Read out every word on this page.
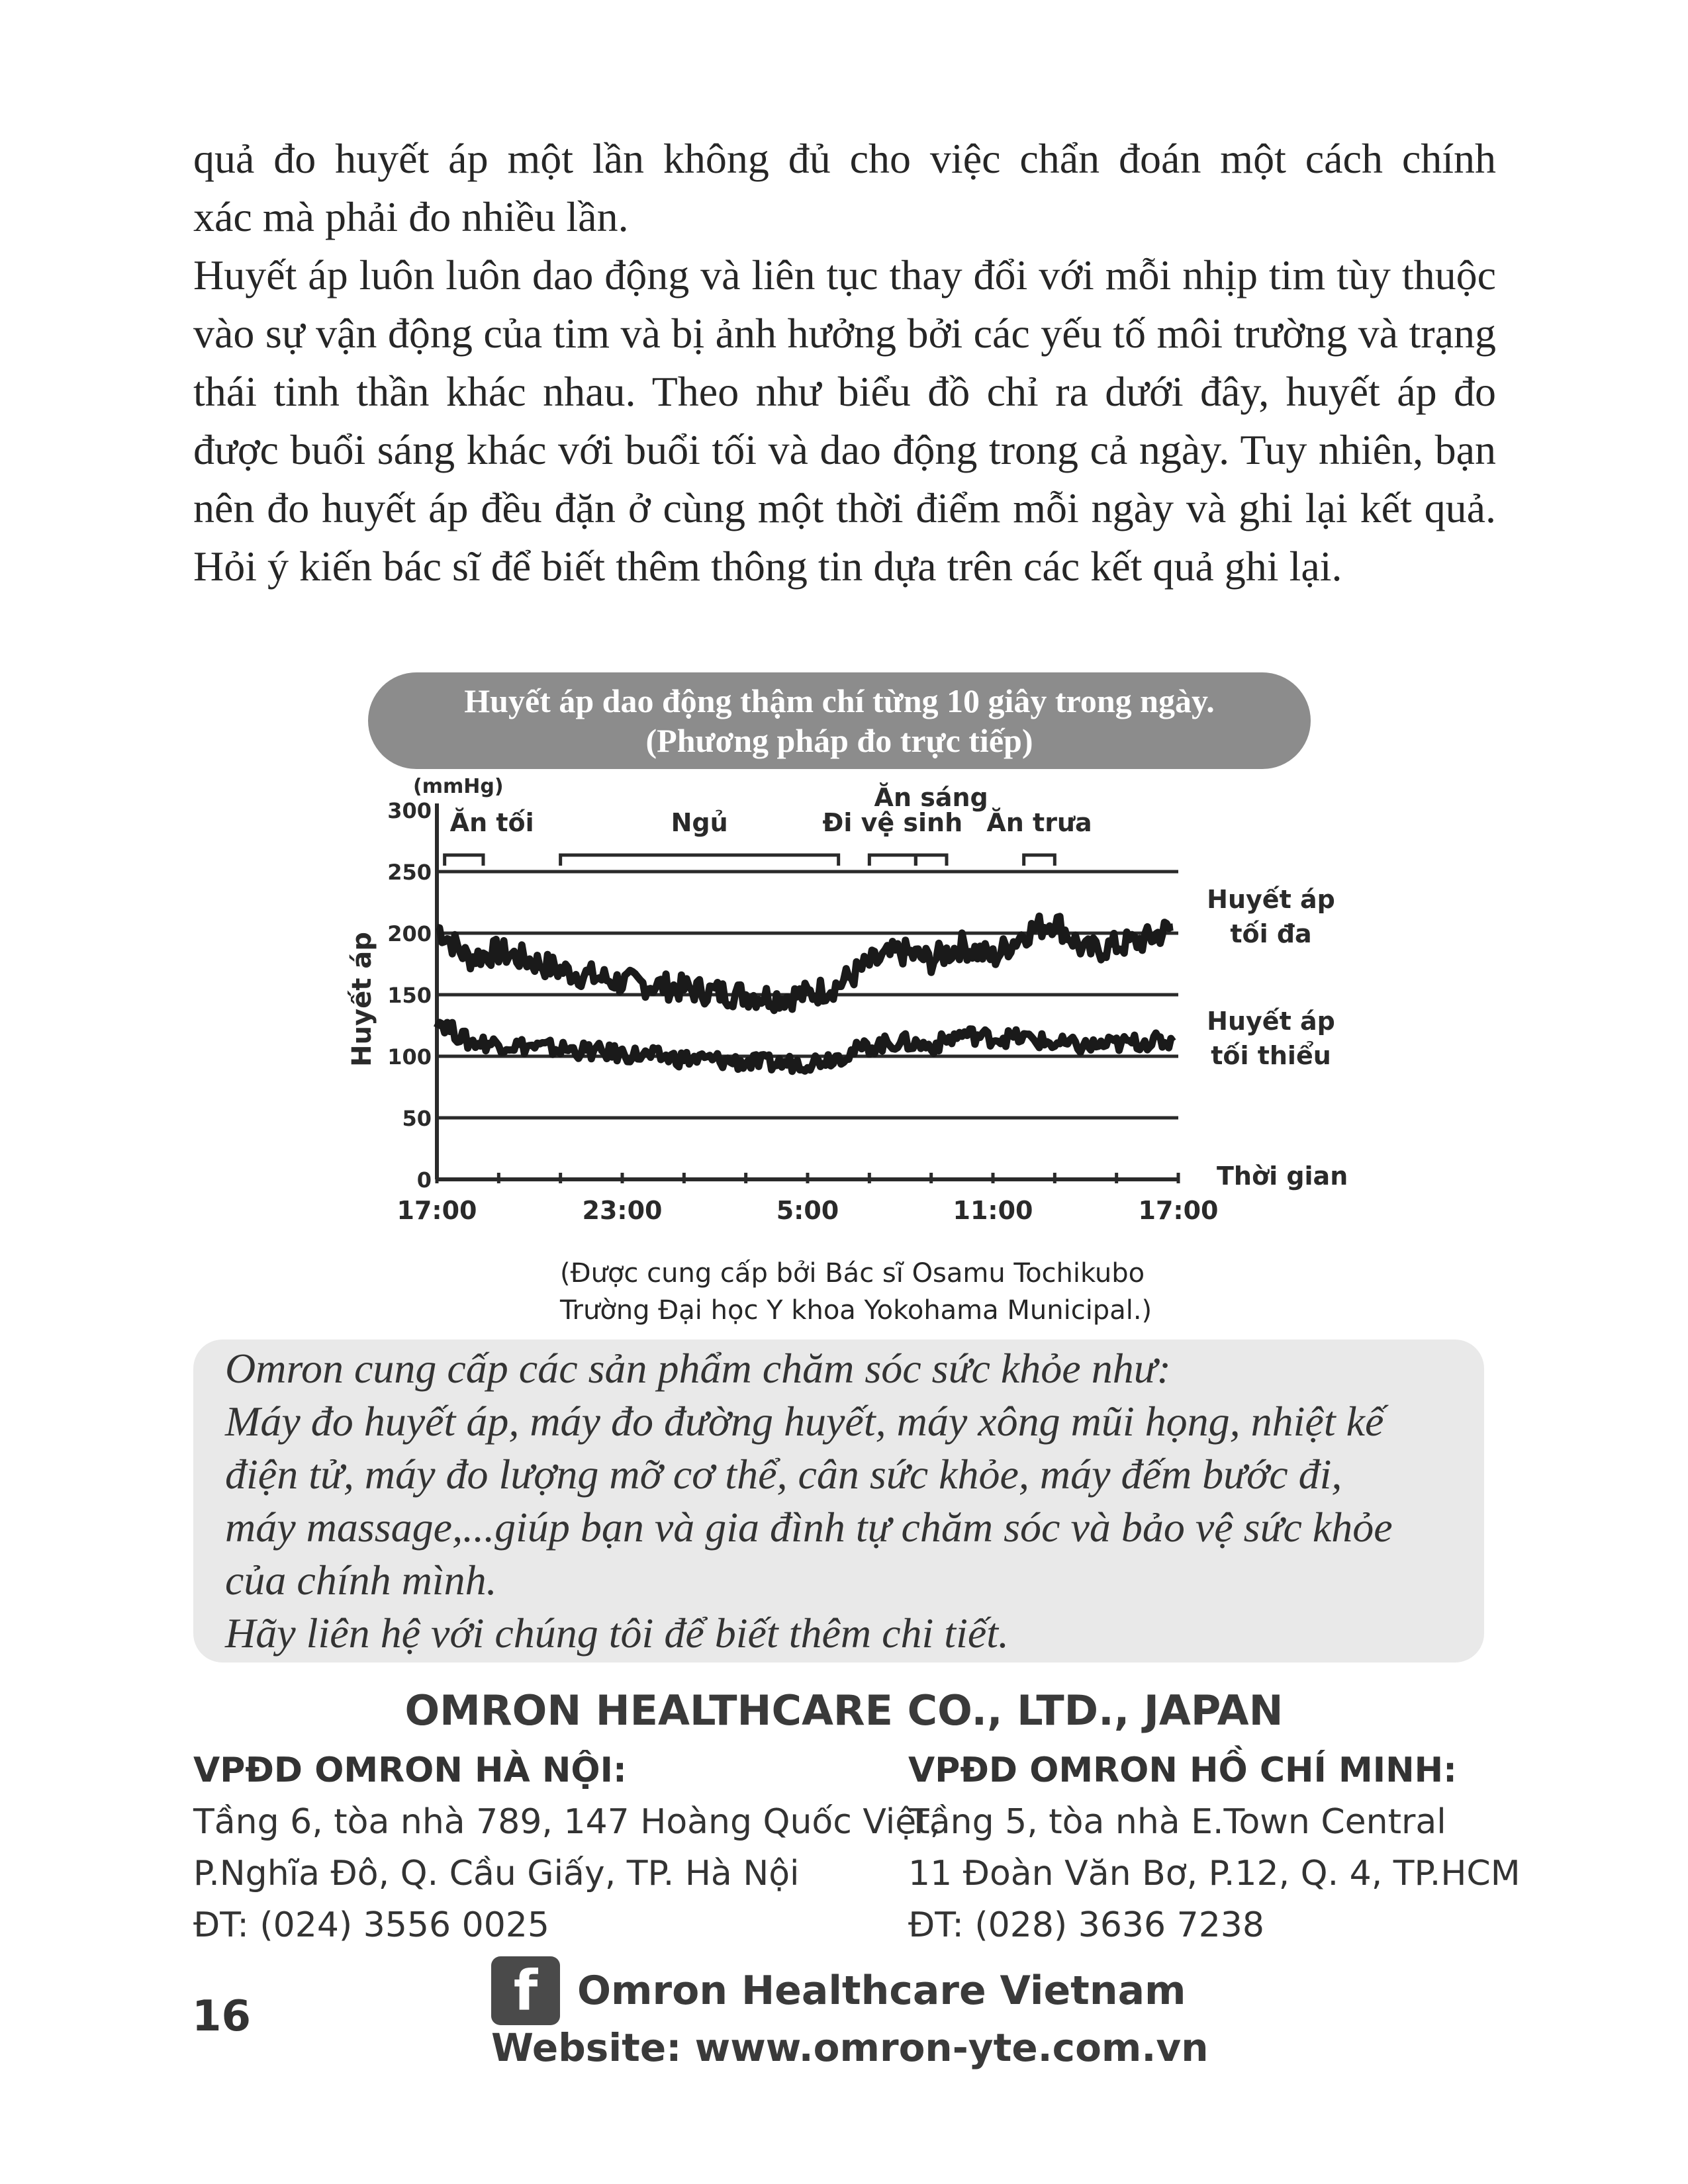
quả đo huyết áp một lần không đủ cho việc chẩn đoán một cách chính

xác mà phải đo nhiều lần.

Huyết áp luôn luôn dao động và liên tục thay đổi với mỗi nhịp tim tùy thuộc vào sự vận động của tim và bị ảnh hưởng bởi các yếu tố môi trường và trạng thái tinh thần khác nhau. Theo như biểu đồ chỉ ra dưới đây, huyết áp đo được buổi sáng khác với buổi tối và dao động trong cả ngày. Tuy nhiên, bạn nên đo huyết áp đều đặn ở cùng một thời điểm mỗi ngày và ghi lại kết quả. Hỏi ý kiến bác sĩ để biết thêm thông tin dựa trên các kết quả ghi lại.

Huyết áp dao động thậm chí từng 10 giây trong ngày.
(Phương pháp đo trực tiếp)
Ăn tối	Ngủ	Đi vệ sinh
Ăn sáng
Ăn trưa
0
50
100
150
200
250
300
17:00	23:00	5:00	11:00	17:00
(mmHg)
Huyết áp
Thời gian
Huyết áp
tối đa
Huyết áp
tối thiểu
(Được cung cấp bởi Bác sĩ Osamu Tochikubo
Trường Đại học Y khoa Yokohama Municipal.)
Omron cung cấp các sản phẩm chăm sóc sức khỏe như:
Máy đo huyết áp, máy đo đường huyết, máy xông mũi họng, nhiệt kế
điện tử, máy đo lượng mỡ cơ thể, cân sức khỏe, máy đếm bước đi,
máy massage,...giúp bạn và gia đình tự chăm sóc và bảo vệ sức khỏe
của chính mình.
Hãy liên hệ với chúng tôi để biết thêm chi tiết.
OMRON HEALTHCARE CO., LTD., JAPAN
VPĐD OMRON HÀ NỘI:
Tầng 6, tòa nhà 789, 147 Hoàng Quốc Việt,
P.Nghĩa Đô, Q. Cầu Giấy, TP. Hà Nội
ĐT: (024) 3556 0025
VPĐD OMRON HỒ CHÍ MINH:
Tầng 5, tòa nhà E.Town Central
11 Đoàn Văn Bơ, P.12, Q. 4, TP.HCM
ĐT: (028) 3636 7238
16	f Omron Healthcare Vietnam
Website: www.omron-yte.com.vn
